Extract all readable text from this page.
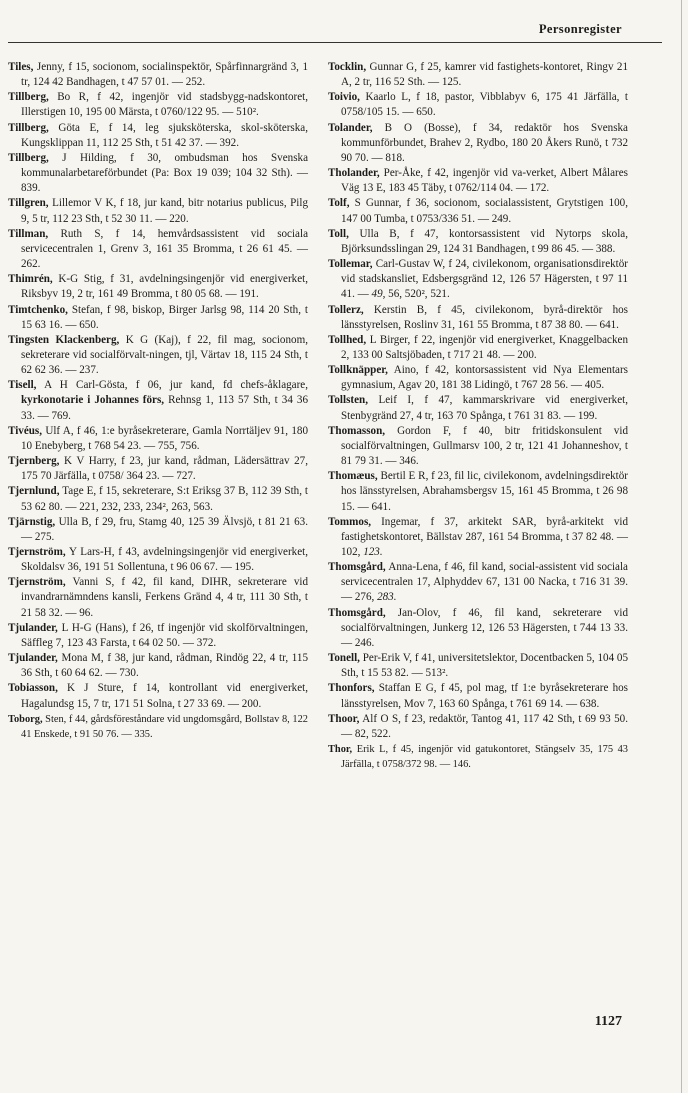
Personregister
Tiles, Jenny, f 15, socionom, socialinspektör, Spårfinnargränd 3, 1 tr, 124 42 Bandhagen, t 47 57 01. — 252.
Tillberg, Bo R, f 42, ingenjör vid stadsbygg-nadskontoret, Illerstigen 10, 195 00 Märsta, t 0760/122 95. — 510².
Tillberg, Göta E, f 14, leg sjuksköterska, skol-sköterska, Kungsklippan 11, 112 25 Sth, t 51 42 37. — 392.
Tillberg, J Hilding, f 30, ombudsman hos Svenska kommunalarbetareförbundet (Pa: Box 19 039; 104 32 Sth). — 839.
Tillgren, Lillemor V K, f 18, jur kand, bitr notarius publicus, Pilg 9, 5 tr, 112 23 Sth, t 52 30 11. — 220.
Tillman, Ruth S, f 14, hemvårdsassistent vid sociala servicecentralen 1, Grenv 3, 161 35 Bromma, t 26 61 45. — 262.
Thimrén, K-G Stig, f 31, avdelningsingenjör vid energiverket, Riksbyv 19, 2 tr, 161 49 Bromma, t 80 05 68. — 191.
Timtchenko, Stefan, f 98, biskop, Birger Jarlsg 98, 114 20 Sth, t 15 63 16. — 650.
Tingsten Klackenberg, K G (Kaj), f 22, fil mag, socionom, sekreterare vid socialförvalt-ningen, tjl, Värtav 18, 115 24 Sth, t 62 62 36. — 237.
Tisell, A H Carl-Gösta, f 06, jur kand, fd chefs-åklagare, kyrkonotarie i Johannes förs, Rehnsg 1, 113 57 Sth, t 34 36 33. — 769.
Tivéus, Ulf A, f 46, 1:e byråsekreterare, Gamla Norrtäljev 91, 180 10 Enebyberg, t 768 54 23. — 755, 756.
Tjernberg, K V Harry, f 23, jur kand, rådman, Lädersättrav 27, 175 70 Järfälla, t 0758/ 364 23. — 727.
Tjernlund, Tage E, f 15, sekreterare, S:t Eriksg 37 B, 112 39 Sth, t 53 62 80. — 221, 232, 233, 234², 263, 563.
Tjärnstig, Ulla B, f 29, fru, Stamg 40, 125 39 Älvsjö, t 81 21 63. — 275.
Tjernström, Y Lars-H, f 43, avdelningsingenjör vid energiverket, Skoldalsv 36, 191 51 Sollentuna, t 96 06 67. — 195.
Tjernström, Vanni S, f 42, fil kand, DIHR, sekreterare vid invandrarnämndens kansli, Ferkens Gränd 4, 4 tr, 111 30 Sth, t 21 58 32. — 96.
Tjulander, L H-G (Hans), f 26, tf ingenjör vid skolförvaltningen, Säffleg 7, 123 43 Farsta, t 64 02 50. — 372.
Tjulander, Mona M, f 38, jur kand, rådman, Rindög 22, 4 tr, 115 36 Sth, t 60 64 62. — 730.
Tobiasson, K J Sture, f 14, kontrollant vid energiverket, Hagalundsg 15, 7 tr, 171 51 Solna, t 27 33 69. — 200.
Toborg, Sten, f 44, gårdsföreståndare vid ungdomsgård, Bollstav 8, 122 41 Enskede, t 91 50 76. — 335.
Tocklin, Gunnar G, f 25, kamrer vid fastighets-kontoret, Ringv 21 A, 2 tr, 116 52 Sth. — 125.
Toivio, Kaarlo L, f 18, pastor, Vibblabyv 6, 175 41 Järfälla, t 0758/105 15. — 650.
Tolander, B O (Bosse), f 34, redaktör hos Svenska kommunförbundet, Brahev 2, Rydbo, 180 20 Åkers Runö, t 732 90 70. — 818.
Tholander, Per-Åke, f 42, ingenjör vid va-verket, Albert Målares Väg 13 E, 183 45 Täby, t 0762/114 04. — 172.
Tolf, S Gunnar, f 36, socionom, socialassistent, Grytstigen 100, 147 00 Tumba, t 0753/336 51. — 249.
Toll, Ulla B, f 47, kontorsassistent vid Nytorps skola, Björksundsslingan 29, 124 31 Bandhagen, t 99 86 45. — 388.
Tollemar, Carl-Gustav W, f 24, civilekonom, organisationsdirektör vid stadskansliet, Edsbergsgränd 12, 126 57 Hägersten, t 97 11 41. — 49, 56, 520², 521.
Tollerz, Kerstin B, f 45, civilekonom, byrå-direktör hos länsstyrelsen, Roslinv 31, 161 55 Bromma, t 87 38 80. — 641.
Tollhed, L Birger, f 22, ingenjör vid energiverket, Knaggelbacken 2, 133 00 Saltsjöbaden, t 717 21 48. — 200.
Tollknäpper, Aino, f 42, kontorsassistent vid Nya Elementars gymnasium, Agav 20, 181 38 Lidingö, t 767 28 56. — 405.
Tollsten, Leif I, f 47, kammarskrivare vid energiverket, Stenbygränd 27, 4 tr, 163 70 Spånga, t 761 31 83. — 199.
Thomasson, Gordon F, f 40, bitr fritidskonsulent vid socialförvaltningen, Gullmarsv 100, 2 tr, 121 41 Johanneshov, t 81 79 31. — 346.
Thomæus, Bertil E R, f 23, fil lic, civilekonom, avdelningsdirektör hos länsstyrelsen, Abrahamsbergsv 15, 161 45 Bromma, t 26 98 15. — 641.
Tommos, Ingemar, f 37, arkitekt SAR, byrå-arkitekt vid fastighetskontoret, Bällstav 287, 161 54 Bromma, t 37 82 48. — 102, 123.
Thomsgård, Anna-Lena, f 46, fil kand, social-assistent vid sociala servicecentralen 17, Alphyddev 67, 131 00 Nacka, t 716 31 39. — 276, 283.
Thomsgård, Jan-Olov, f 46, fil kand, sekreterare vid socialförvaltningen, Junkerg 12, 126 53 Hägersten, t 744 13 33. — 246.
Tonell, Per-Erik V, f 41, universitetslektor, Docentbacken 5, 104 05 Sth, t 15 53 82. — 513².
Thonfors, Staffan E G, f 45, pol mag, tf 1:e byråsekreterare hos länsstyrelsen, Mov 7, 163 60 Spånga, t 761 69 14. — 638.
Thoor, Alf O S, f 23, redaktör, Tantog 41, 117 42 Sth, t 69 93 50. — 82, 522.
Thor, Erik L, f 45, ingenjör vid gatukontoret, Stängselv 35, 175 43 Järfälla, t 0758/372 98. — 146.
1127
